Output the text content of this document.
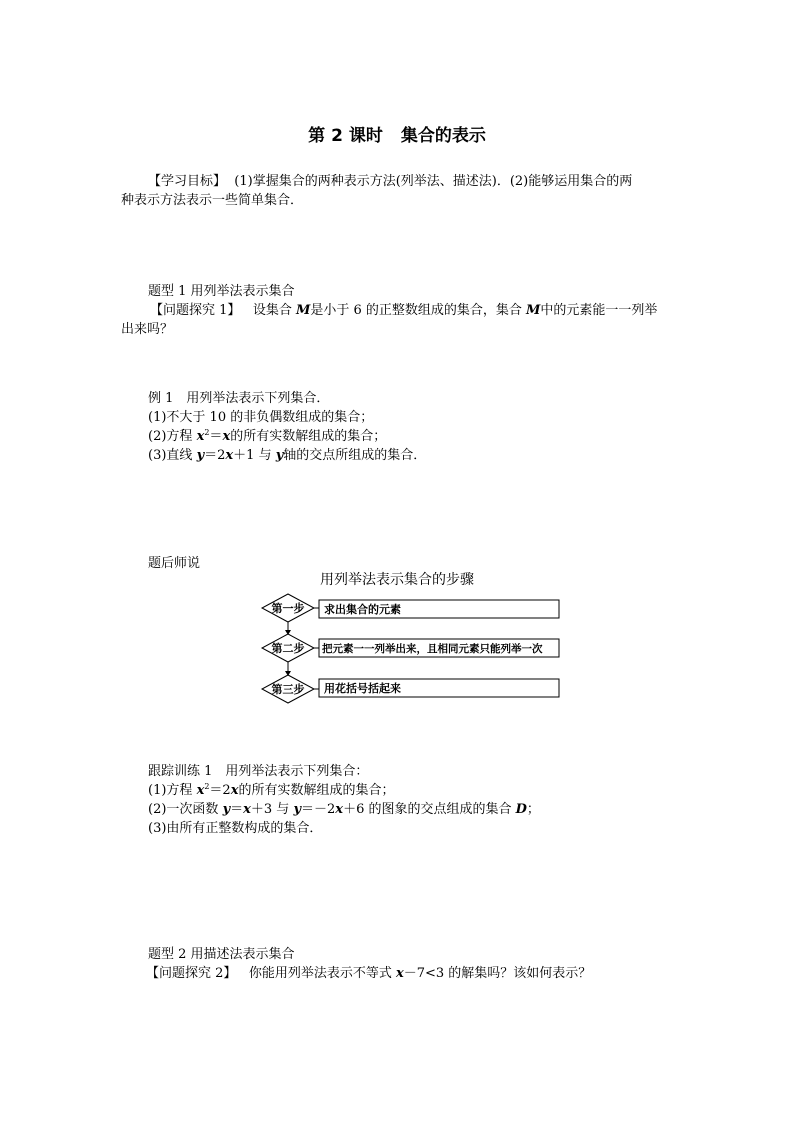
第 2 课时 集合的表示
【学习目标】 (1)掌握集合的两种表示方法(列举法、描述法)．(2)能够运用集合的两
种表示方法表示一些简单集合．
题型 1 用列举法表示集合
【问题探究 1】 设集合 M是小于 6 的正整数组成的集合，集合 M中的元素能一一列举
出来吗？
例 1　用列举法表示下列集合．
(1)不大于 10 的非负偶数组成的集合；
(2)方程 $x^2=x$的所有实数解组成的集合；
(3)直线 y＝2x＋1 与 y轴的交点所组成的集合．
题后师说
用列举法表示集合的步骤
第一步 求出集合的元素
第二步 把元素一一列举出来，且相同元素只能列举一次
第三步 用花括号括起来
跟踪训练 1　用列举法表示下列集合：
(1)方程 $x^2=2x$的所有实数解组成的集合；
(2)一次函数 y＝x＋3 与 y＝－2x＋6 的图象的交点组成的集合 D；
(3)由所有正整数构成的集合．
题型 2 用描述法表示集合
【问题探究 2】 你能用列举法表示不等式 x－7<3 的解集吗？该如何表示？
